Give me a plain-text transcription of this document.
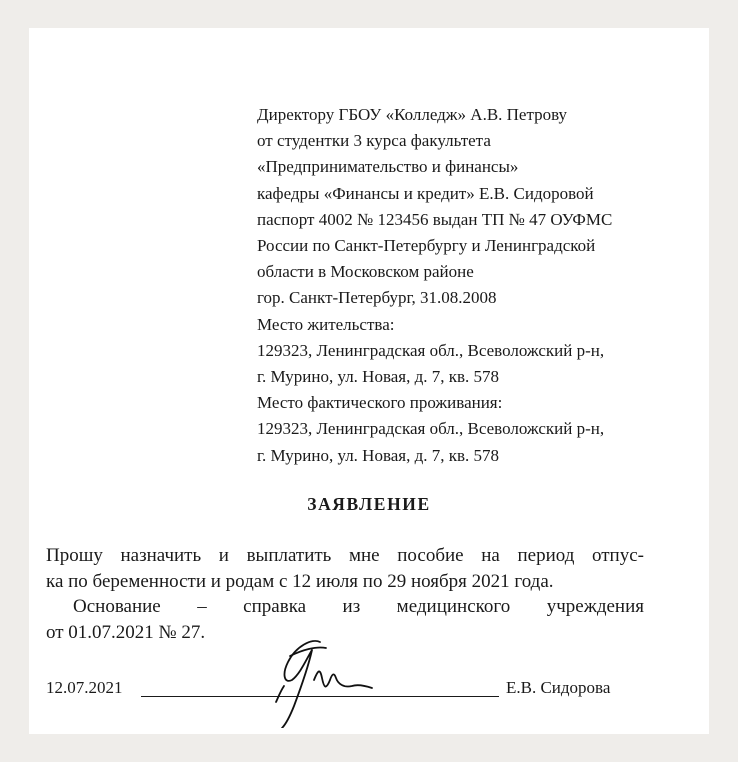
Директору ГБОУ «Колледж» А.В. Петрову
от студентки 3 курса факультета
«Предпринимательство и финансы»
кафедры «Финансы и кредит» Е.В. Сидоровой
паспорт 4002 № 123456 выдан ТП № 47 ОУФМС
России по Санкт-Петербургу и Ленинградской
области в Московском районе
гор. Санкт-Петербург, 31.08.2008
Место жительства:
129323, Ленинградская обл., Всеволожский р-н,
г. Мурино, ул. Новая, д. 7, кв. 578
Место фактического проживания:
129323, Ленинградская обл., Всеволожский р-н,
г. Мурино, ул. Новая, д. 7, кв. 578
ЗАЯВЛЕНИЕ
Прошу назначить и выплатить мне пособие на период отпус-
ка по беременности и родам с 12 июля по 29 ноября 2021 года.
Основание – справка из медицинского учреждения
от 01.07.2021 № 27.
12.07.2021	Е.В. Сидорова
